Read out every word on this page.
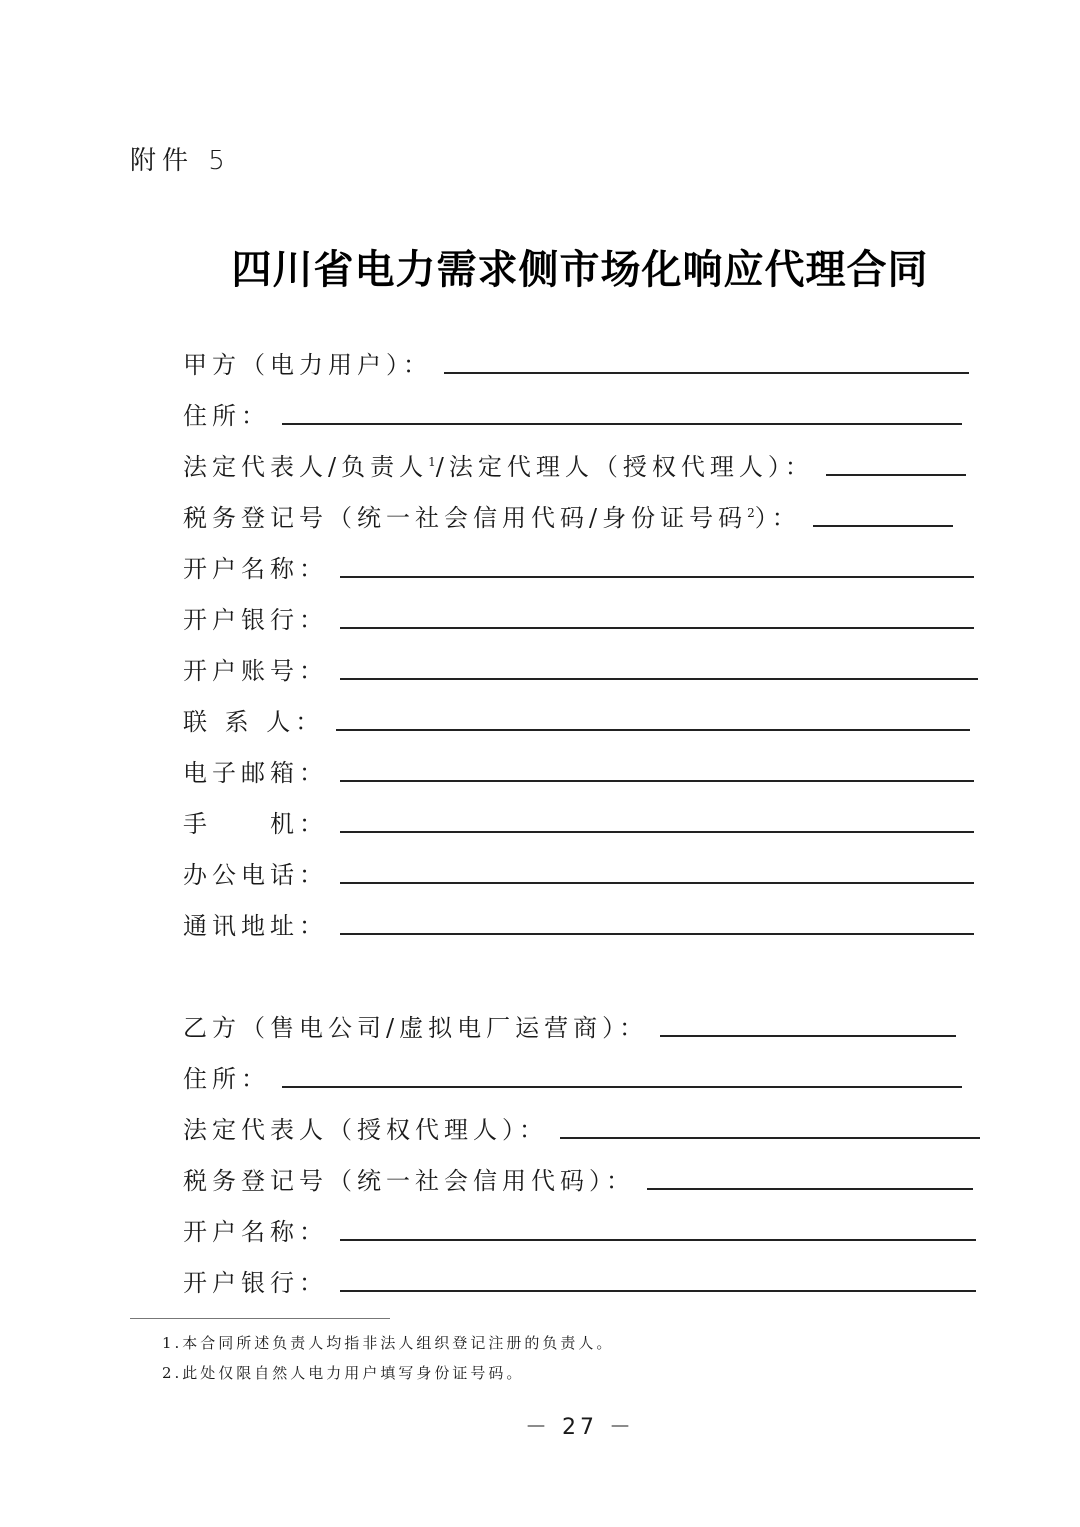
附件 5
四川省电力需求侧市场化响应代理合同
甲方（电力用户）：
住所：
法定代表人/负责人$^1$/法定代理人（授权代理人）：
税务登记号（统一社会信用代码/身份证号码$^2$）：
开户名称：
开户银行：
开户账号：
联 系 人：
电子邮箱：
手　　机：
办公电话：
通讯地址：
乙方（售电公司/虚拟电厂运营商）：
住所：
法定代表人（授权代理人）：
税务登记号（统一社会信用代码）：
开户名称：
开户银行：
1.本合同所述负责人均指非法人组织登记注册的负责人。
2.此处仅限自然人电力用户填写身份证号码。
－ 27 －
